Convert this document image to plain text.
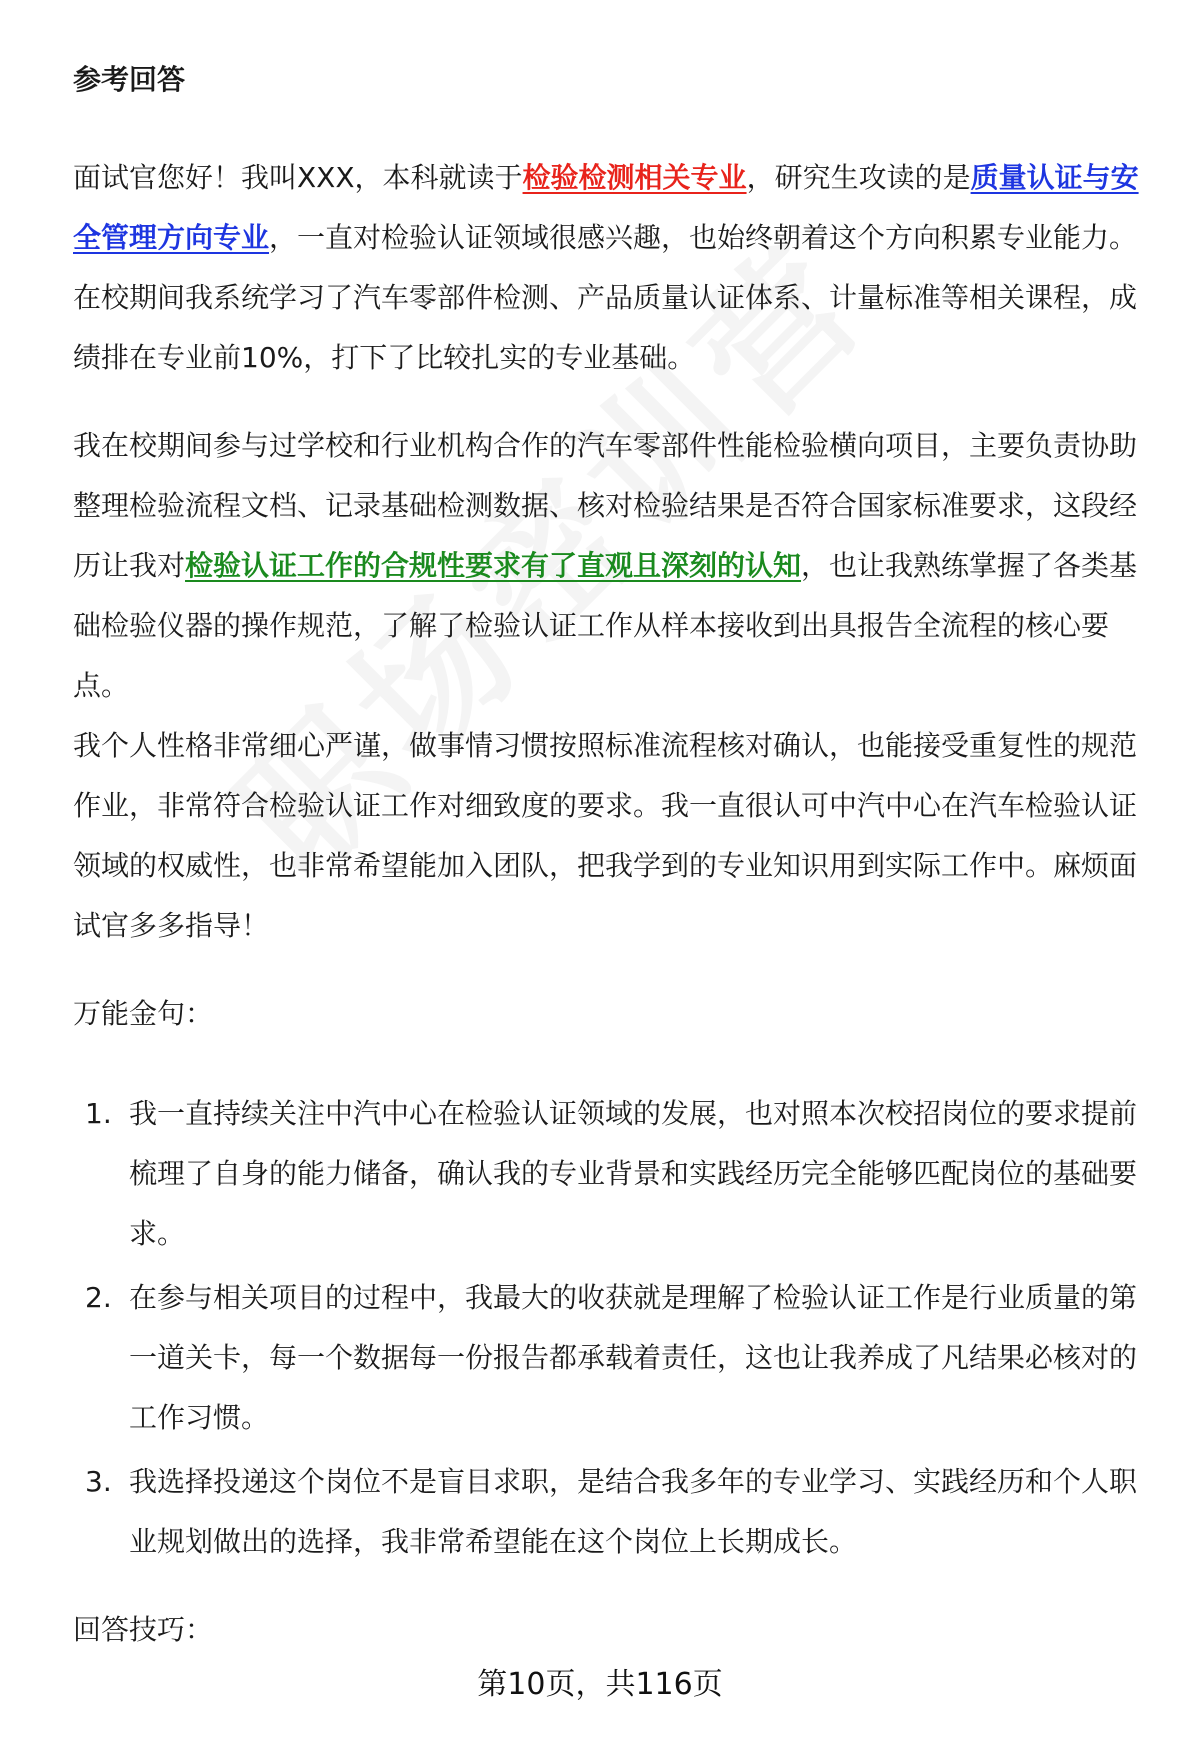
参考回答

面试官您好！我叫XXX，本科就读于检验检测相关专业，研究生攻读的是质量认证与安全管理方向专业，一直对检验认证领域很感兴趣，也始终朝着这个方向积累专业能力。在校期间我系统学习了汽车零部件检测、产品质量认证体系、计量标准等相关课程，成绩排在专业前10%，打下了比较扎实的专业基础。

我在校期间参与过学校和行业机构合作的汽车零部件性能检验横向项目，主要负责协助整理检验流程文档、记录基础检测数据、核对检验结果是否符合国家标准要求，这段经历让我对检验认证工作的合规性要求有了直观且深刻的认知，也让我熟练掌握了各类基础检验仪器的操作规范，了解了检验认证工作从样本接收到出具报告全流程的核心要点。

我个人性格非常细心严谨，做事情习惯按照标准流程核对确认，也能接受重复性的规范作业，非常符合检验认证工作对细致度的要求。我一直很认可中汽中心在汽车检验认证领域的权威性，也非常希望能加入团队，把我学到的专业知识用到实际工作中。麻烦面试官多多指导！

万能金句：

1. 我一直持续关注中汽中心在检验认证领域的发展，也对照本次校招岗位的要求提前梳理了自身的能力储备，确认我的专业背景和实践经历完全能够匹配岗位的基础要求。
2. 在参与相关项目的过程中，我最大的收获就是理解了检验认证工作是行业质量的第一道关卡，每一个数据每一份报告都承载着责任，这也让我养成了凡结果必核对的工作习惯。
3. 我选择投递这个岗位不是盲目求职，是结合我多年的专业学习、实践经历和个人职业规划做出的选择，我非常希望能在这个岗位上长期成长。

回答技巧：

第10页，共116页
